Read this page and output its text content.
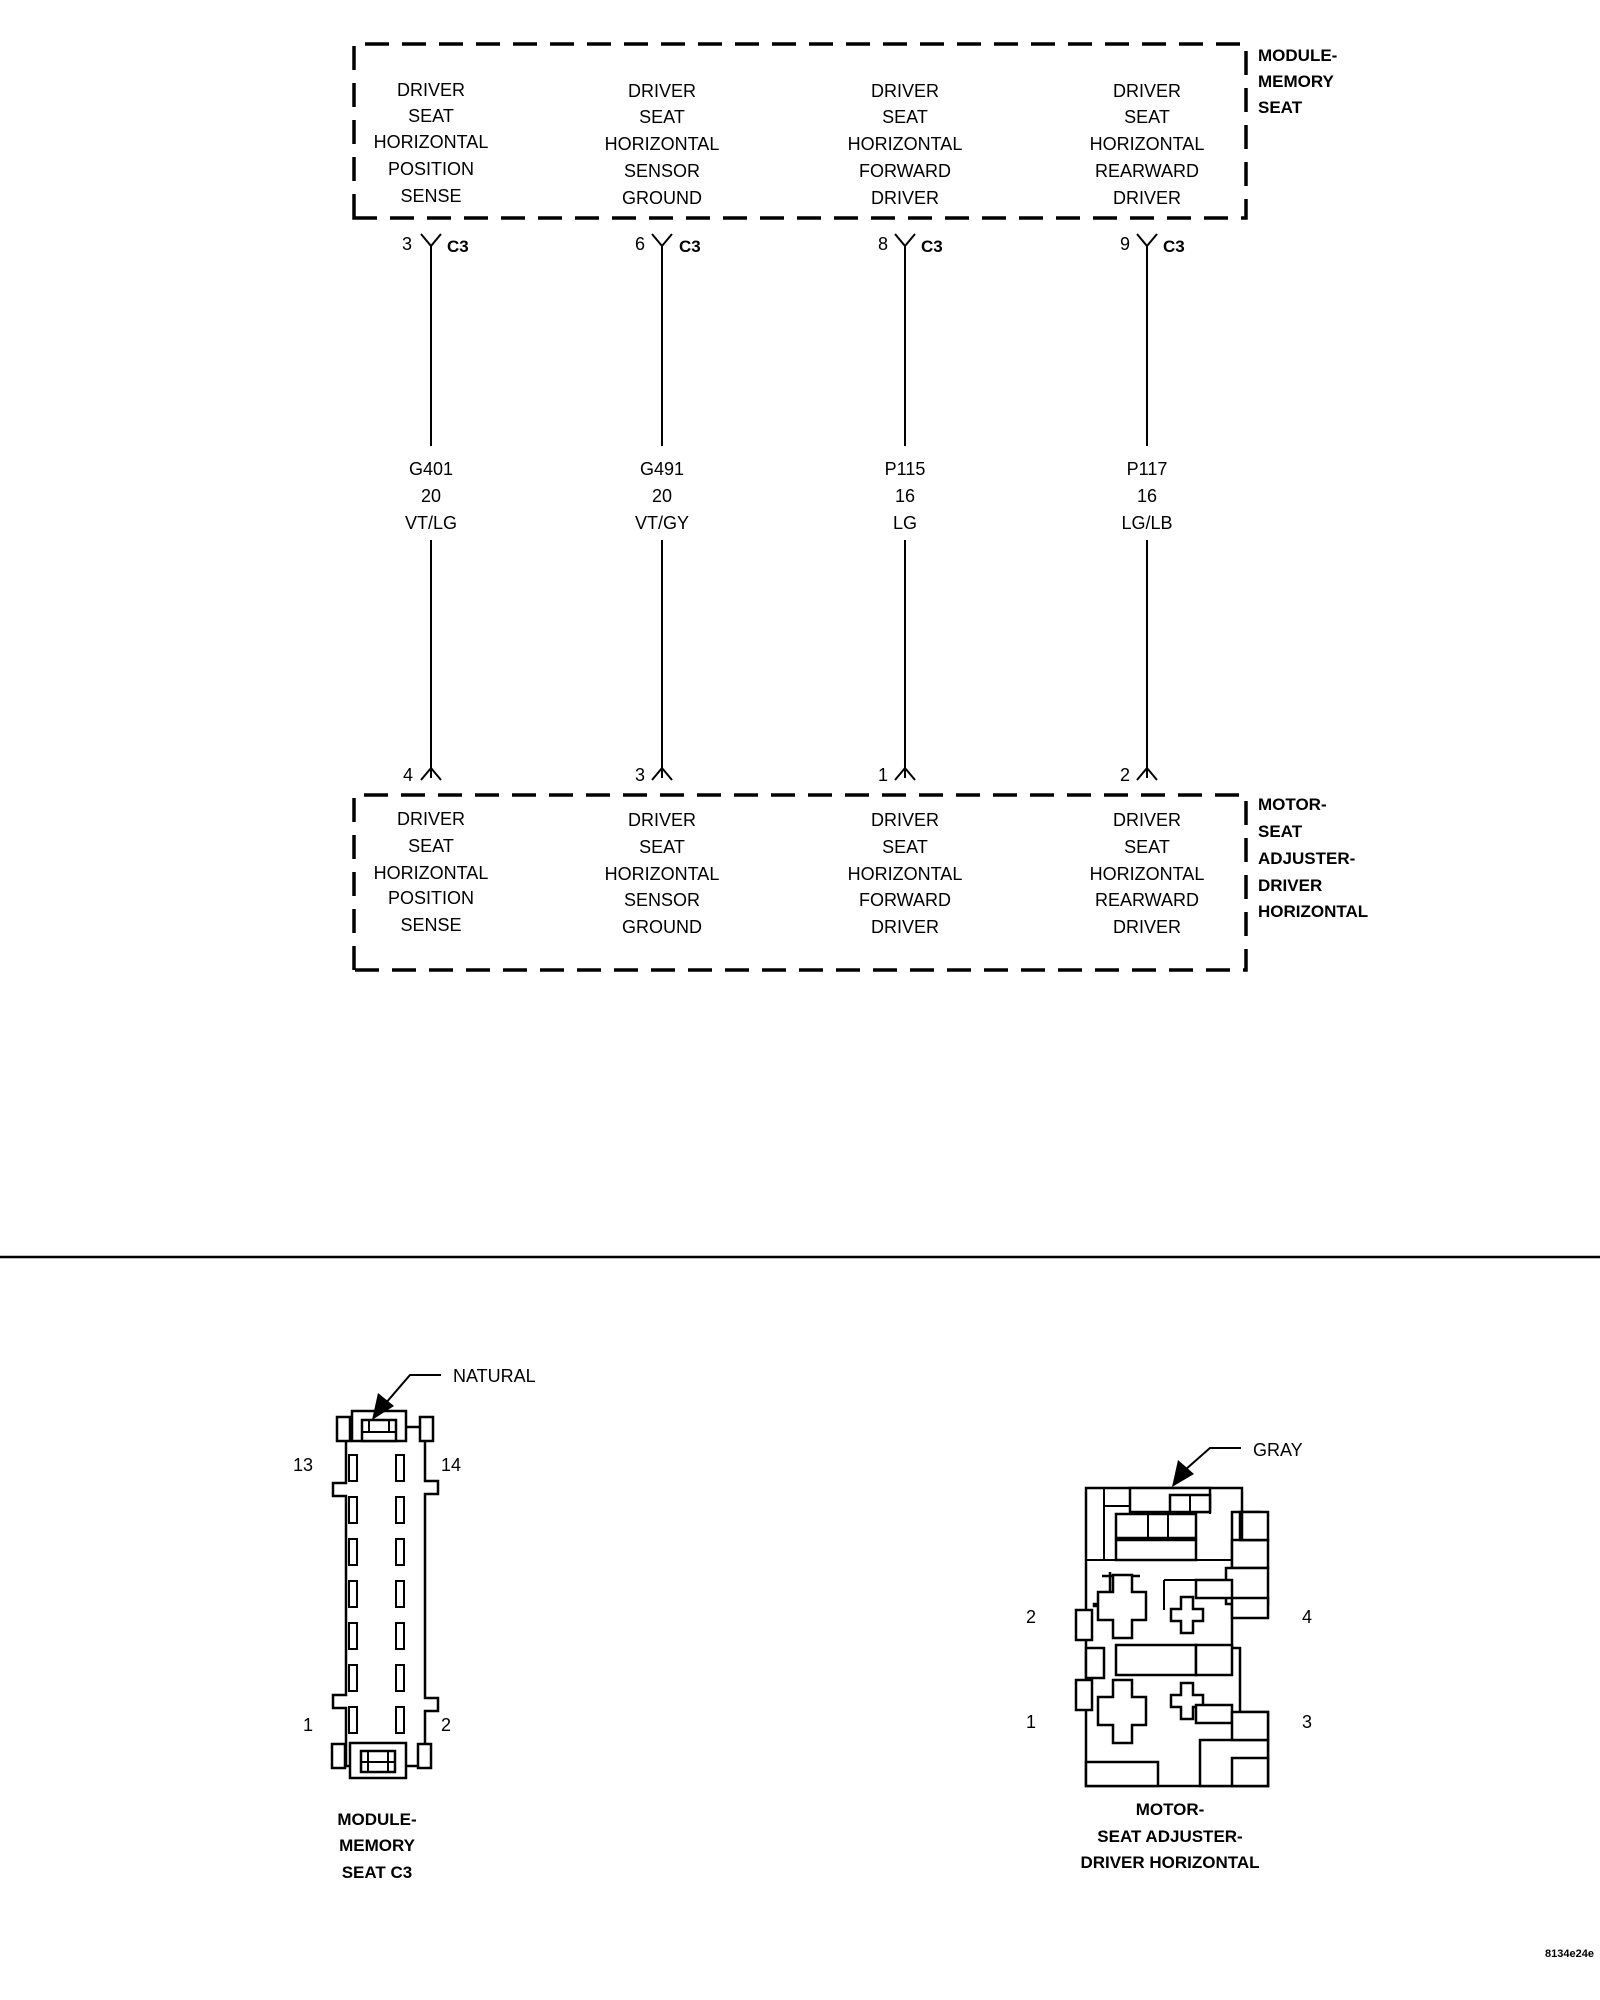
MODULE-
MEMORY
SEAT
DRIVER
SEAT
HORIZONTAL
POSITION
SENSE
DRIVER
SEAT
HORIZONTAL
SENSOR
GROUND
DRIVER
SEAT
HORIZONTAL
FORWARD
DRIVER
DRIVER
SEAT
HORIZONTAL
REARWARD
DRIVER
3 C3	6 C3	8 C3	9 C3
G401
20
VT/LG
G491
20
VT/GY
P115
16
LG
P117
16
LG/LB
4	3	1	2
MOTOR-
SEAT
ADJUSTER-
DRIVER
HORIZONTAL
DRIVER
SEAT
HORIZONTAL
POSITION
SENSE
DRIVER
SEAT
HORIZONTAL
SENSOR
GROUND
DRIVER
SEAT
HORIZONTAL
FORWARD
DRIVER
DRIVER
SEAT
HORIZONTAL
REARWARD
DRIVER
NATURAL
13	14
1	2
MODULE-
MEMORY
SEAT C3
GRAY
2	4
1	3
MOTOR-
SEAT ADJUSTER-
DRIVER HORIZONTAL
8134e24e
